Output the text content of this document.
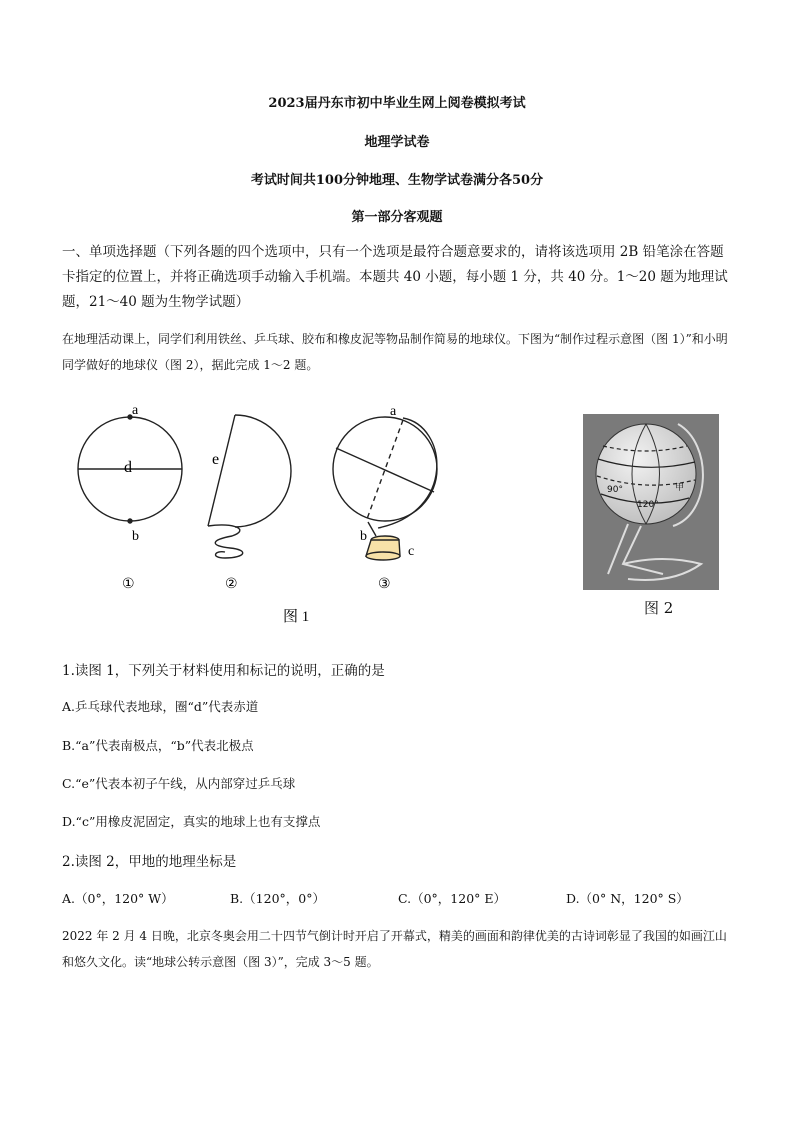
2023届丹东市初中毕业生网上阅卷模拟考试
地理学试卷
考试时间共100分钟地理、生物学试卷满分各50分
第一部分客观题
一、单项选择题（下列各题的四个选项中，只有一个选项是最符合题意要求的，请将该选项用 2B 铅笔涂在答题卡指定的位置上，并将正确选项手动输入手机端。本题共 40 小题，每小题 1 分，共 40 分。1～20 题为地理试题，21～40 题为生物学试题）
在地理活动课上，同学们利用铁丝、乒乓球、胶布和橡皮泥等物品制作简易的地球仪。下图为“制作过程示意图（图 1）”和小明同学做好的地球仪（图 2），据此完成 1～2 题。
a
d
b
e
a
b
c
①	②	③
图 1
90°
120°
甲
图 2
1.读图 1，下列关于材料使用和标记的说明，正确的是
A.乒乓球代表地球，圈“d”代表赤道
B.“a”代表南极点，“b”代表北极点
C.“e”代表本初子午线，从内部穿过乒乓球
D.“c”用橡皮泥固定，真实的地球上也有支撑点
2.读图 2，甲地的地理坐标是
A.（0°，120° W）	B.（120°，0°）	C.（0°，120° E）	D.（0° N，120° S）
2022 年 2 月 4 日晚，北京冬奥会用二十四节气倒计时开启了开幕式，精美的画面和韵律优美的古诗词彰显了我国的如画江山和悠久文化。读“地球公转示意图（图 3）”，完成 3～5 题。
